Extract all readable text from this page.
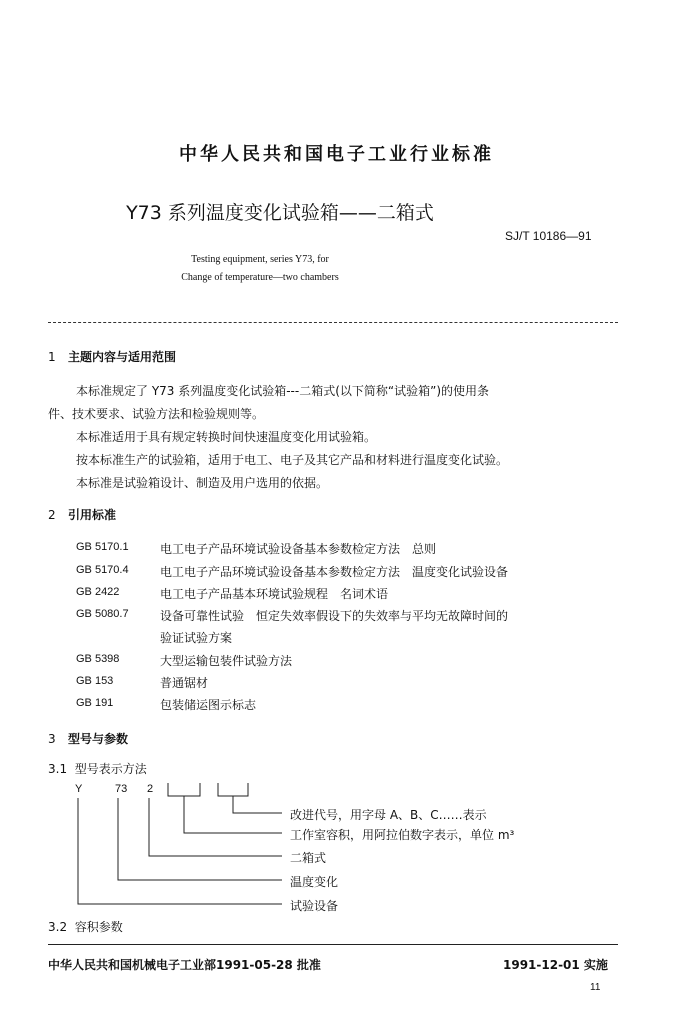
中华人民共和国电子工业行业标准
Y73 系列温度变化试验箱——二箱式
SJ/T 10186—91
Testing equipment, series Y73, for
Change of temperature—two chambers
1 主题内容与适用范围
本标准规定了 Y73 系列温度变化试验箱---二箱式(以下简称“试验箱”)的使用条
件、技术要求、试验方法和检验规则等。
本标准适用于具有规定转换时间快速温度变化用试验箱。
按本标准生产的试验箱，适用于电工、电子及其它产品和材料进行温度变化试验。
本标准是试验箱设计、制造及用户选用的依据。
2 引用标准
GB 5170.1	电工电子产品环境试验设备基本参数检定方法　总则
GB 5170.4	电工电子产品环境试验设备基本参数检定方法　温度变化试验设备
GB 2422	电工电子产品基本环境试验规程　名词术语
GB 5080.7	设备可靠性试验　恒定失效率假设下的失效率与平均无故障时间的
验证试验方案
GB 5398	大型运输包装件试验方法
GB 153	普通锯材
GB 191	包装储运图示标志
3 型号与参数
3.1 型号表示方法
Y	73 2
改进代号，用字母 A、B、C……表示
工作室容积，用阿拉伯数字表示，单位 m³
二箱式
温度变化
试验设备
3.2 容积参数
中华人民共和国机械电子工业部1991-05-28 批准	1991-12-01 实施
11
